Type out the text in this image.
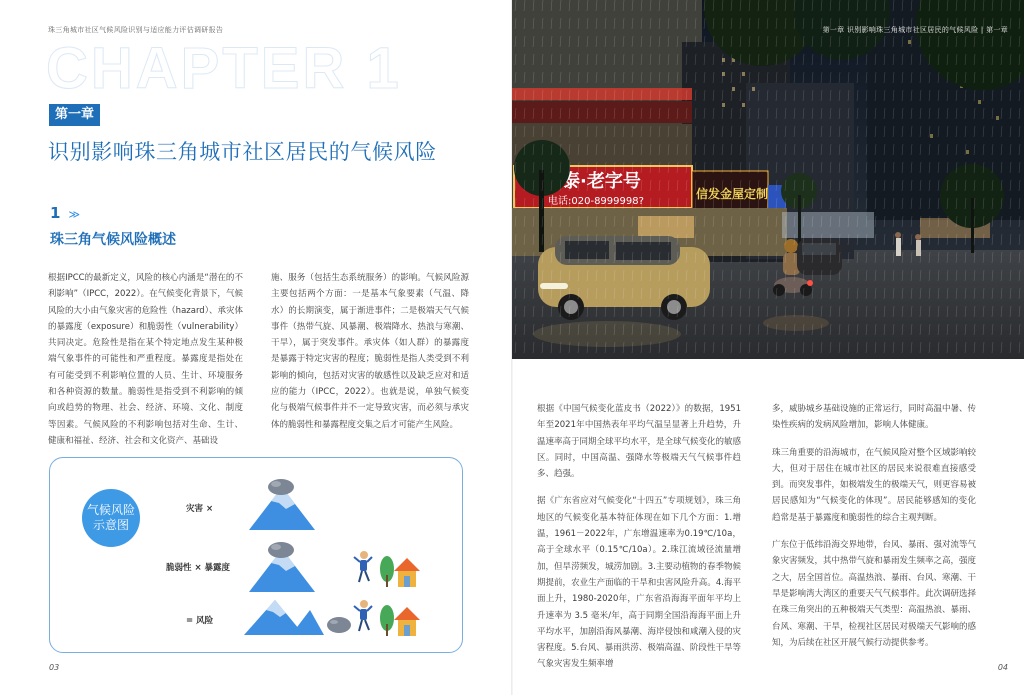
珠三角城市社区气候风险识别与适应能力评估调研报告
CHAPTER 1
第一章
识别影响珠三角城市社区居民的气候风险
1 ≫
珠三角气候风险概述

根据IPCC的最新定义，风险的核心内涵是“潜在的不利影响”（IPCC，2022）。在气候变化背景下，气候风险的大小由气象灾害的危险性（hazard）、承灾体的暴露度（exposure）和脆弱性（vulnerability）共同决定。危险性是指在某个特定地点发生某种极端气象事件的可能性和严重程度。暴露度是指处在有可能受到不利影响位置的人员、生计、环境服务和各种资源的数量。脆弱性是指受到不利影响的倾向或趋势的物理、社会、经济、环境、文化、制度等因素。气候风险的不利影响包括对生命、生计、健康和福祉、经济、社会和文化资产、基础设

施、服务（包括生态系统服务）的影响。气候风险源主要包括两个方面：一是基本气象要素（气温、降水）的长期演变，属于渐进事件；二是极端天气气候事件（热带气旋、风暴潮、极端降水、热浪与寒潮、干旱），属于突发事件。承灾体（如人群）的暴露度是暴露于特定灾害的程度；脆弱性是指人类受到不利影响的倾向，包括对灾害的敏感性以及缺乏应对和适应的能力（IPCC，2022）。也就是说，单独气候变化与极端气候事件并不一定导致灾害，而必须与承灾体的脆弱性和暴露程度交集之后才可能产生风险。

气候风险
示意图
灾害 ×
脆弱性 × 暴露度
= 风险
03
第一章 识别影响珠三角城市社区居民的气候风险 | 第一章

根据《中国气候变化蓝皮书（2022）》的数据，1951年至2021年中国热表年平均气温呈显著上升趋势，升温速率高于同期全球平均水平，是全球气候变化的敏感区。同时，中国高温、强降水等极端天气气候事件趋多、趋强。

据《广东省应对气候变化“十四五”专项规划》，珠三角地区的气候变化基本特征体现在如下几个方面：1.增温，1961－2022年，广东增温速率为0.19℃/10a，高于全球水平（0.15℃/10a）。2.珠江流域径流量增加，但旱涝频发，城涝加剧。3.主要动植物的春季物候期提前，农业生产面临的干旱和虫害风险升高。4.海平面上升，1980-2020年，广东省沿海海平面年平均上升速率为 3.5 毫米/年，高于同期全国沿海海平面上升平均水平，加剧沿海风暴潮、海岸侵蚀和咸潮入侵的灾害程度。5.台风、暴雨洪涝、极端高温、阶段性干旱等气象灾害发生频率增

多，威胁城乡基础设施的正常运行，同时高温中暑、传染性疾病的发病风险增加，影响人体健康。

珠三角重要的沿海城市，在气候风险对整个区域影响较大，但对于居住在城市社区的居民来说很难直接感受到。而突发事件，如极端发生的极端天气，则更容易被居民感知为“气候变化的体现”。居民能够感知的变化趋常是基于暴露度和脆弱性的综合主观判断。

广东位于低纬沿海交界地带，台风、暴雨、强对流等气象灾害频发，其中热带气旋和暴雨发生频率之高，强度之大，居全国首位。高温热浪、暴雨、台风、寒潮、干旱是影响湾大湾区的重要天气气候事件。此次调研选择在珠三角突出的五种极端天气类型：高温热浪、暴雨、台风、寒潮、干旱，检视社区居民对极端天气影响的感知，为后续在社区开展气候行动提供参考。

04
